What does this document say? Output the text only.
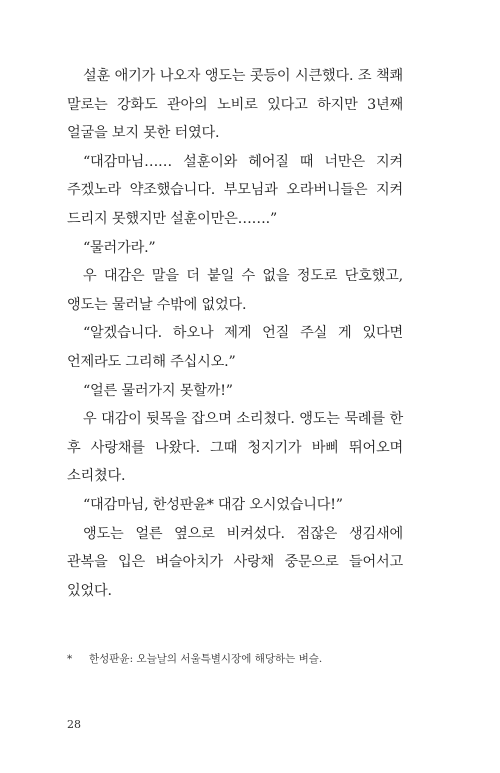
설훈 애기가 나오자 앵도는 콧등이 시큰했다. 조 책쾌 말로는 강화도 관아의 노비로 있다고 하지만 3년째 얼굴을 보지 못한 터였다.

“대감마님…… 설훈이와 헤어질 때 너만은 지켜 주겠노라 약조했습니다. 부모님과 오라버니들은 지켜 드리지 못했지만 설훈이만은…….”

“물러가라.”

우 대감은 말을 더 붙일 수 없을 정도로 단호했고, 앵도는 물러날 수밖에 없었다.

“알겠습니다. 하오나 제게 언질 주실 게 있다면 언제라도 그리해 주십시오.”

“얼른 물러가지 못할까!”

우 대감이 뒷목을 잡으며 소리쳤다. 앵도는 묵례를 한 후 사랑채를 나왔다. 그때 청지기가 바삐 뛰어오며 소리쳤다.

“대감마님, 한성판윤* 대감 오시었습니다!”

앵도는 얼른 옆으로 비켜섰다. 점잖은 생김새에 관복을 입은 벼슬아치가 사랑채 중문으로 들어서고 있었다.

* 한성판윤: 오늘날의 서울특별시장에 해당하는 벼슬.
28
